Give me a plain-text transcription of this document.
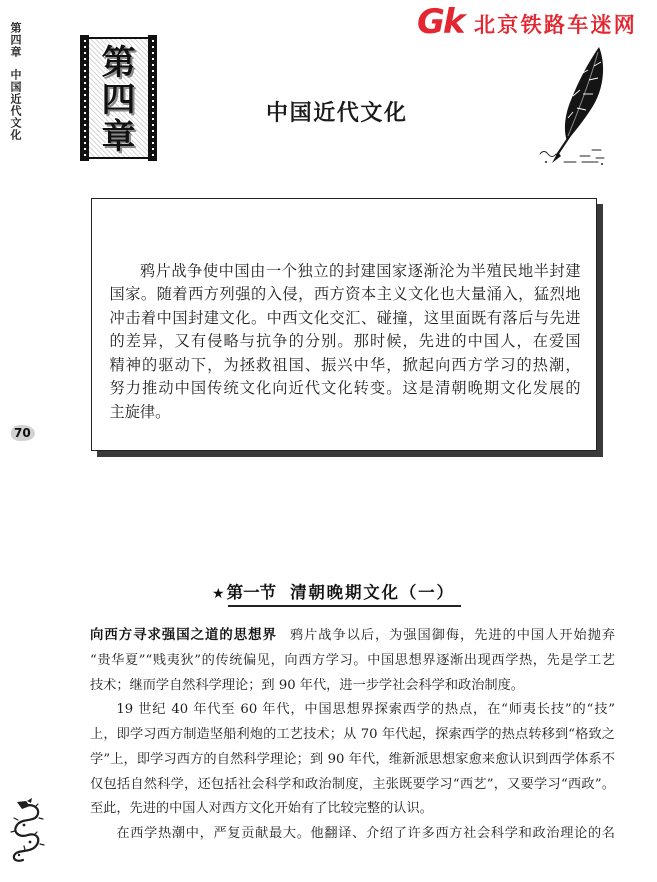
第四章
中国近代文化
Gk 北京铁路车迷网
第
四
章
中国近代文化
鸦片战争使中国由一个独立的封建国家逐渐沦为半殖民地半封建
国家。随着西方列强的入侵，西方资本主义文化也大量涌入，猛烈地
冲击着中国封建文化。中西文化交汇、碰撞，这里面既有落后与先进
的差异，又有侵略与抗争的分别。那时候，先进的中国人，在爱国
精神的驱动下，为拯救祖国、振兴中华，掀起向西方学习的热潮，
努力推动中国传统文化向近代文化转变。这是清朝晚期文化发展的
主旋律。
70
★ 第一节 清朝晚期文化（一）
向西方寻求强国之道的思想界 鸦片战争以后，为强国御侮，先进的中国人开始抛弃
“贵华夏”“贱夷狄”的传统偏见，向西方学习。中国思想界逐渐出现西学热，先是学工艺
技术；继而学自然科学理论；到 90 年代，进一步学社会科学和政治制度。
19 世纪 40 年代至 60 年代，中国思想界探索西学的热点，在“师夷长技”的“技”
上，即学习西方制造坚船利炮的工艺技术；从 70 年代起，探索西学的热点转移到“格致之
学”上，即学习西方的自然科学理论；到 90 年代，维新派思想家愈来愈认识到西学体系不
仅包括自然科学，还包括社会科学和政治制度，主张既要学习“西艺”，又要学习“西政”。
至此，先进的中国人对西方文化开始有了比较完整的认识。
在西学热潮中，严复贡献最大。他翻译、介绍了许多西方社会科学和政治理论的名
